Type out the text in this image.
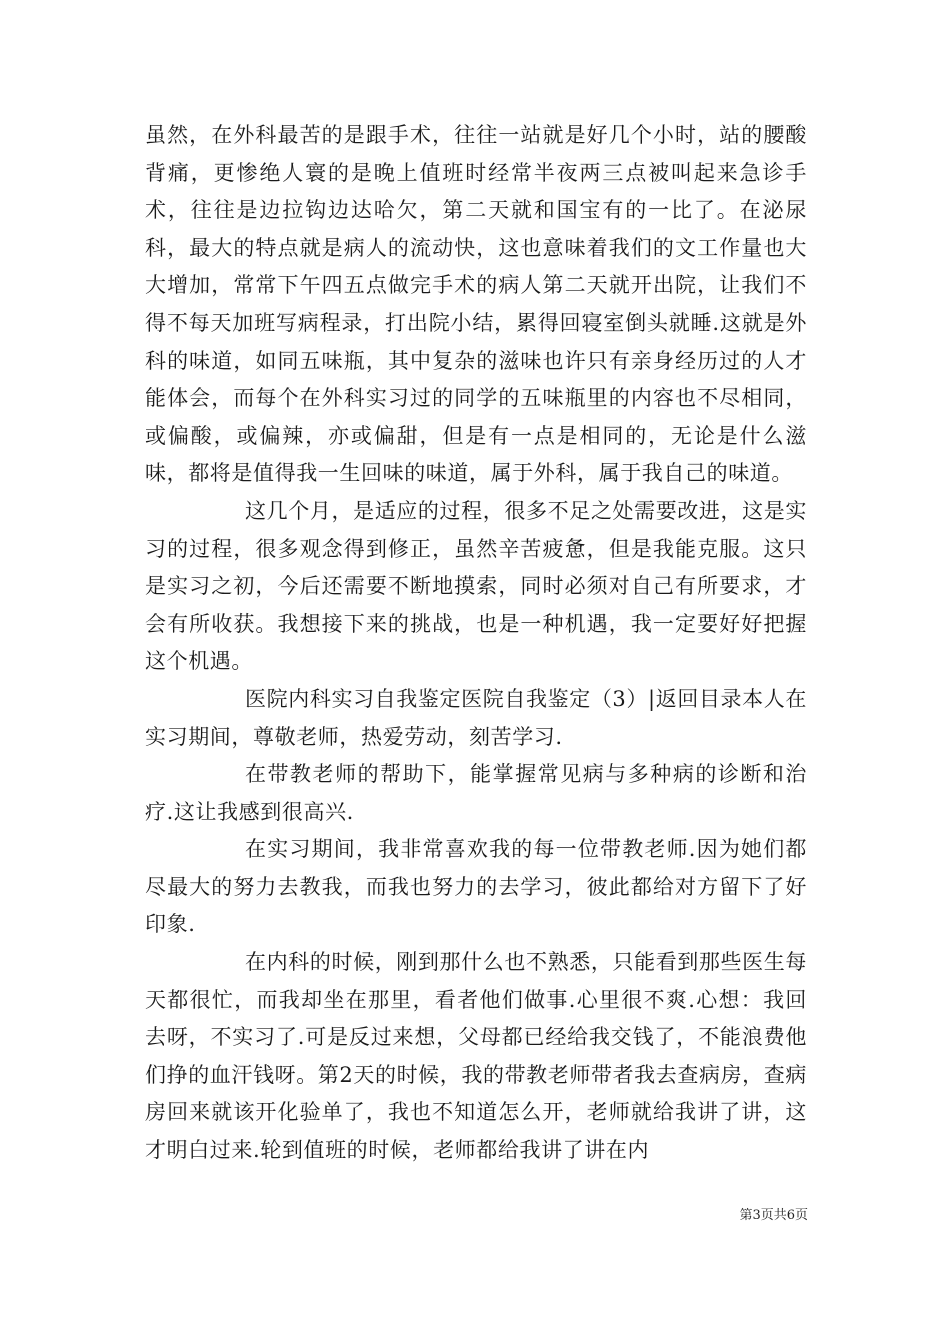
虽然，在外科最苦的是跟手术，往往一站就是好几个小时，站的腰酸背痛，更惨绝人寰的是晚上值班时经常半夜两三点被叫起来急诊手术，往往是边拉钩边达哈欠，第二天就和国宝有的一比了。在泌尿科，最大的特点就是病人的流动快，这也意味着我们的文工作量也大大增加，常常下午四五点做完手术的病人第二天就开出院，让我们不得不每天加班写病程录，打出院小结，累得回寝室倒头就睡.这就是外科的味道，如同五味瓶，其中复杂的滋味也许只有亲身经历过的人才能体会，而每个在外科实习过的同学的五味瓶里的内容也不尽相同，或偏酸，或偏辣，亦或偏甜，但是有一点是相同的，无论是什么滋味，都将是值得我一生回味的味道，属于外科，属于我自己的味道。

这几个月，是适应的过程，很多不足之处需要改进，这是实习的过程，很多观念得到修正，虽然辛苦疲惫，但是我能克服。这只是实习之初，今后还需要不断地摸索，同时必须对自己有所要求，才会有所收获。我想接下来的挑战，也是一种机遇，我一定要好好把握这个机遇。

医院内科实习自我鉴定医院自我鉴定（3）|返回目录本人在实习期间，尊敬老师，热爱劳动，刻苦学习.

在带教老师的帮助下，能掌握常见病与多种病的诊断和治疗.这让我感到很高兴.

在实习期间，我非常喜欢我的每一位带教老师.因为她们都尽最大的努力去教我，而我也努力的去学习，彼此都给对方留下了好印象.

在内科的时候，刚到那什么也不熟悉，只能看到那些医生每天都很忙，而我却坐在那里，看者他们做事.心里很不爽.心想：我回去呀，不实习了.可是反过来想，父母都已经给我交钱了，不能浪费他们挣的血汗钱呀。第2天的时候，我的带教老师带者我去查病房，查病房回来就该开化验单了，我也不知道怎么开，老师就给我讲了讲，这才明白过来.轮到值班的时候，老师都给我讲了讲在内

第3页共6页
